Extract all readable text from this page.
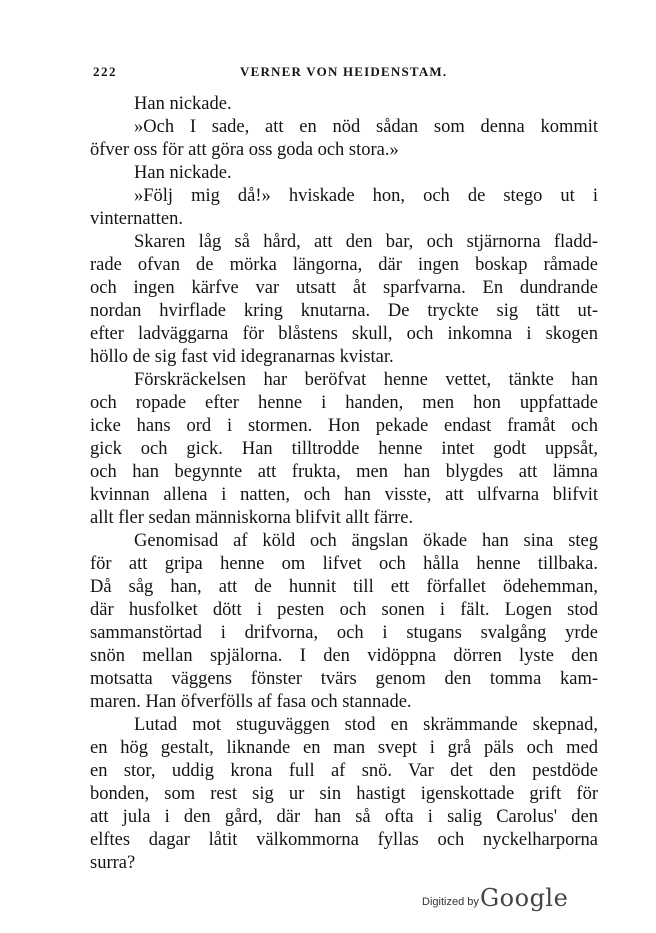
222	VERNER VON HEIDENSTAM.
Han nickade.
»Och I sade, att en nöd sådan som denna kommit
öfver oss för att göra oss goda och stora.»
Han nickade.
»Följ mig då!» hviskade hon, och de stego ut i
vinternatten.
Skaren låg så hård, att den bar, och stjärnorna fladd-
rade ofvan de mörka längorna, där ingen boskap råmade
och ingen kärfve var utsatt åt sparfvarna. En dundrande
nordan hvirflade kring knutarna. De tryckte sig tätt ut-
efter ladväggarna för blåstens skull, och inkomna i skogen
höllo de sig fast vid idegranarnas kvistar.
Förskräckelsen har beröfvat henne vettet, tänkte han
och ropade efter henne i handen, men hon uppfattade
icke hans ord i stormen. Hon pekade endast framåt och
gick och gick. Han tilltrodde henne intet godt uppsåt,
och han begynnte att frukta, men han blygdes att lämna
kvinnan allena i natten, och han visste, att ulfvarna blifvit
allt fler sedan människorna blifvit allt färre.
Genomisad af köld och ängslan ökade han sina steg
för att gripa henne om lifvet och hålla henne tillbaka.
Då såg han, att de hunnit till ett förfallet ödehemman,
där husfolket dött i pesten och sonen i fält. Logen stod
sammanstörtad i drifvorna, och i stugans svalgång yrde
snön mellan spjälorna. I den vidöppna dörren lyste den
motsatta väggens fönster tvärs genom den tomma kam-
maren. Han öfverfölls af fasa och stannade.
Lutad mot stuguväggen stod en skrämmande skepnad,
en hög gestalt, liknande en man svept i grå päls och med
en stor, uddig krona full af snö. Var det den pestdöde
bonden, som rest sig ur sin hastigt igenskottade grift för
att jula i den gård, där han så ofta i salig Carolus' den
elftes dagar låtit välkommorna fyllas och nyckelharporna
surra?
Digitized by Google
